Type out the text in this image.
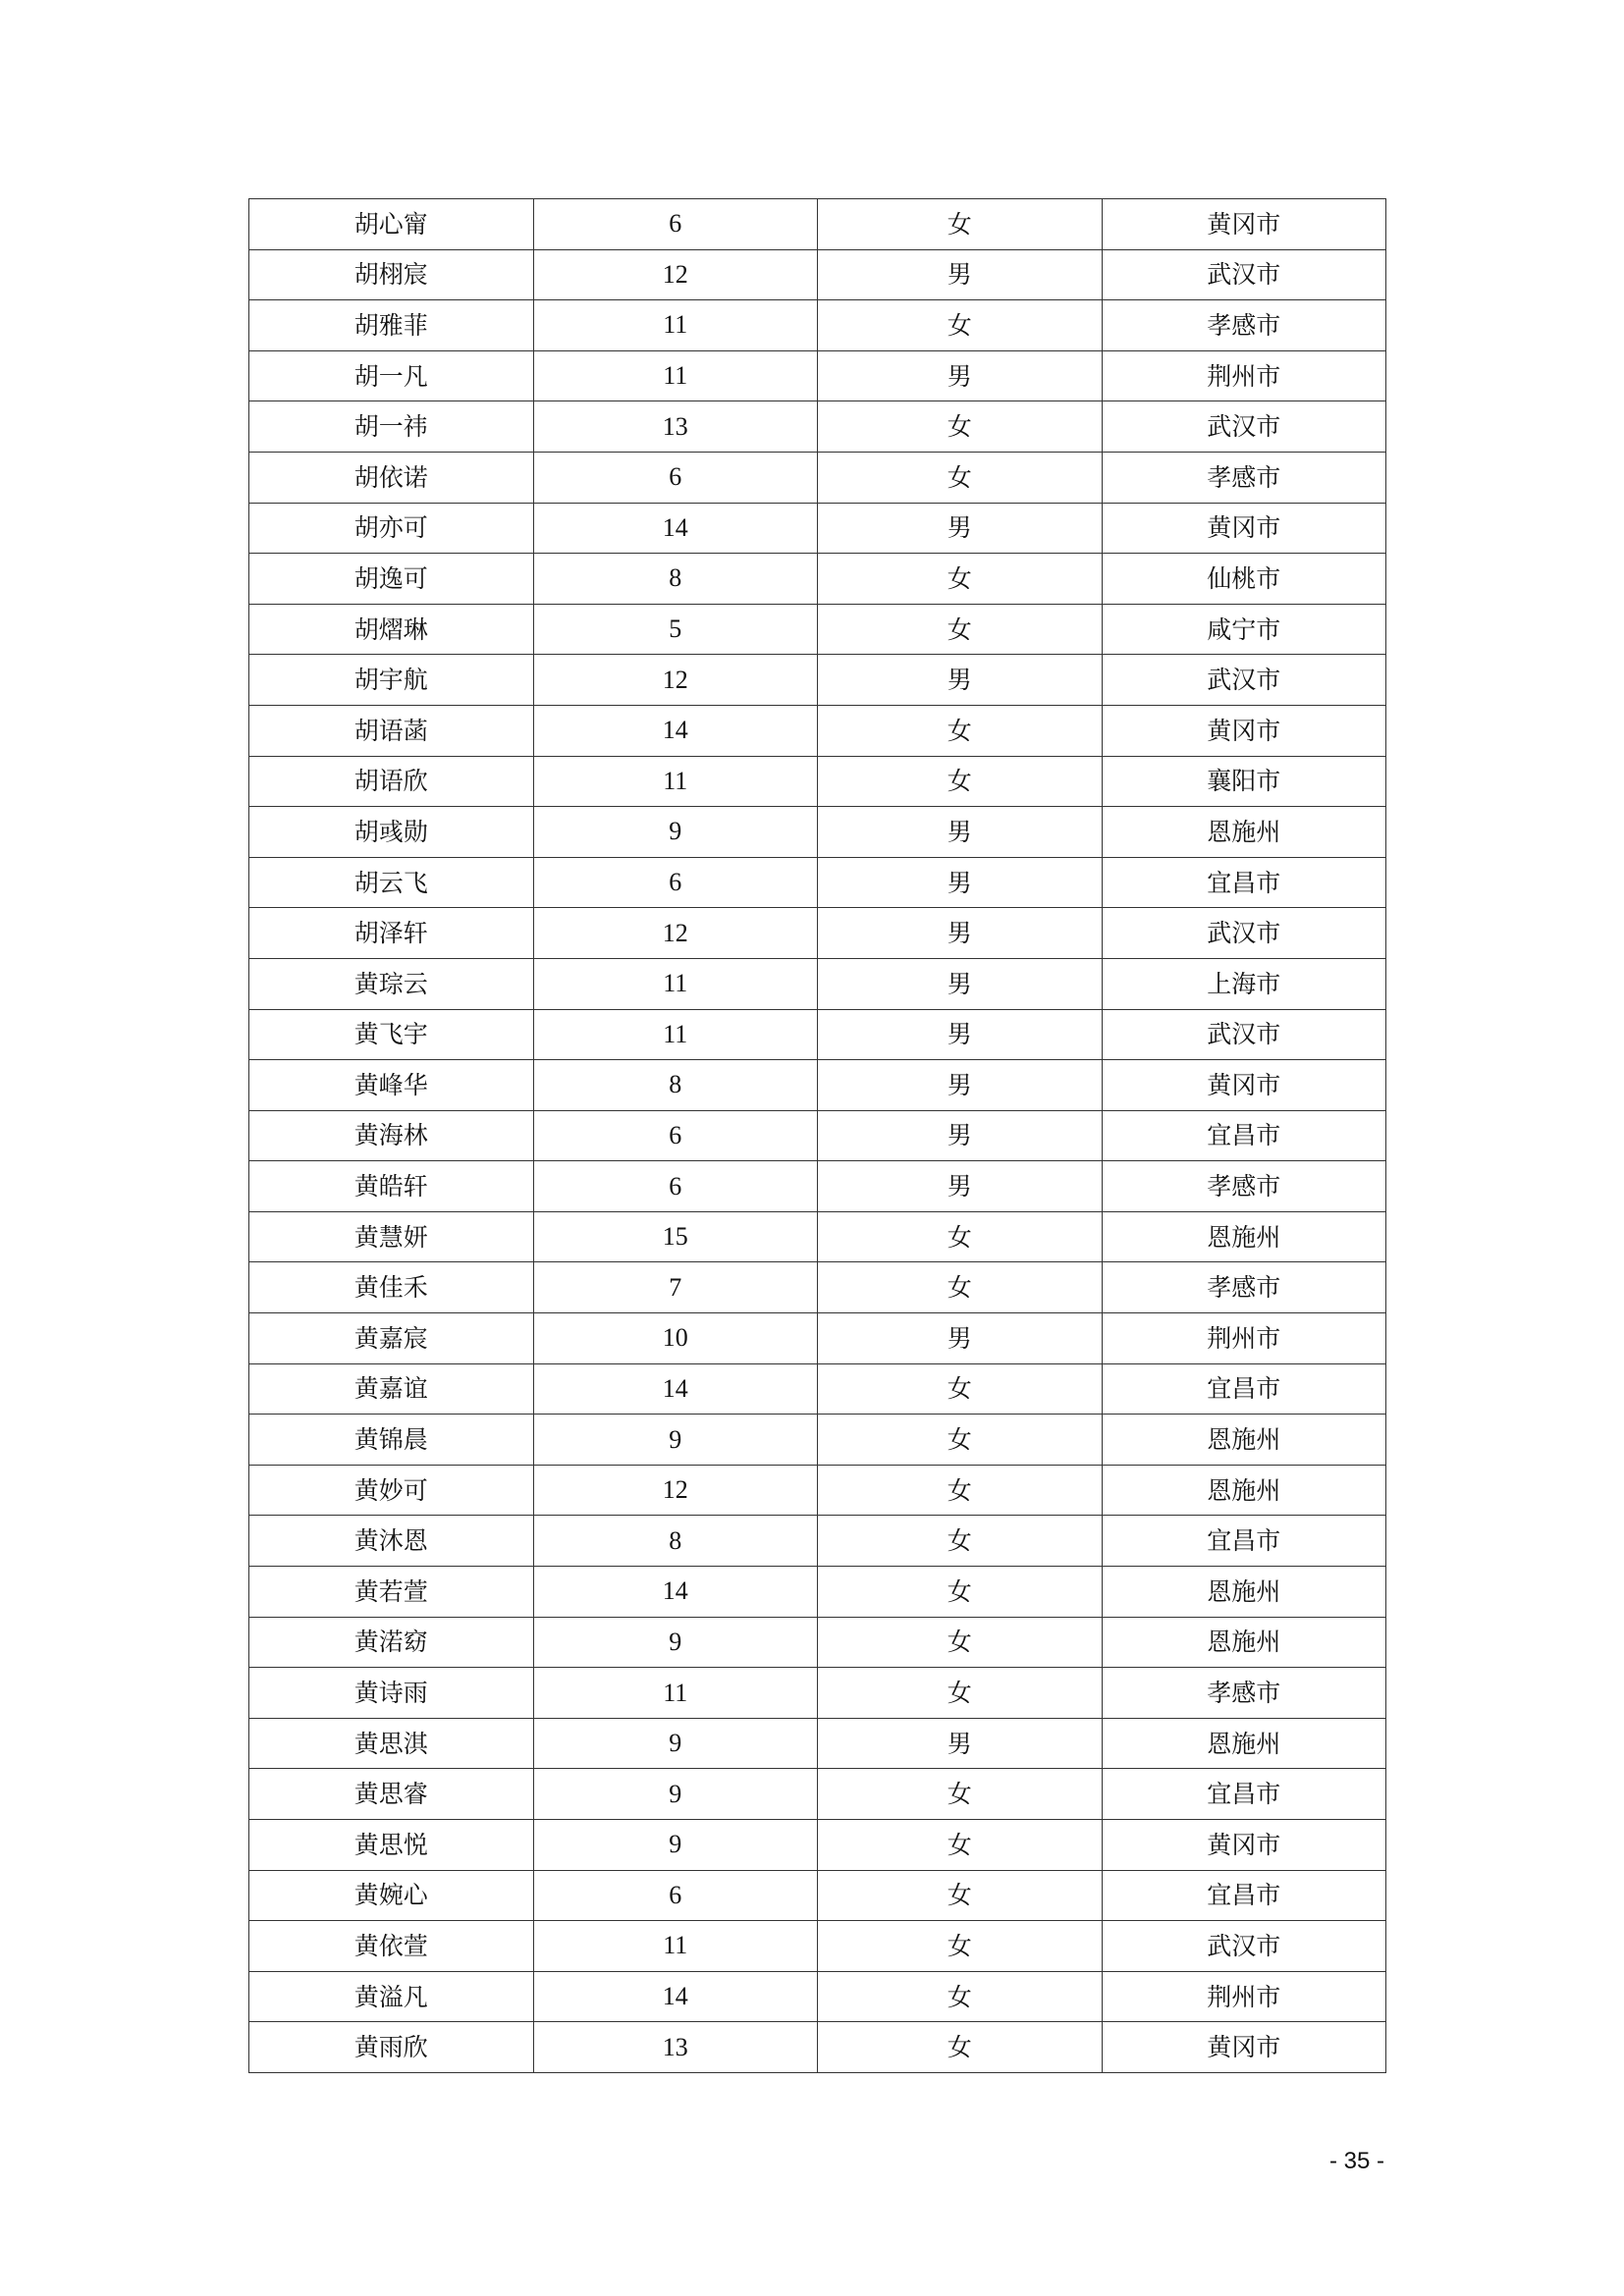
胡心甯	6	女	黄冈市
胡栩宸	12	男	武汉市
胡雅菲	11	女	孝感市
胡一凡	11	男	荆州市
胡一祎	13	女	武汉市
胡依诺	6	女	孝感市
胡亦可	14	男	黄冈市
胡逸可	8	女	仙桃市
胡熠琳	5	女	咸宁市
胡宇航	12	男	武汉市
胡语菡	14	女	黄冈市
胡语欣	11	女	襄阳市
胡彧勋	9	男	恩施州
胡云飞	6	男	宜昌市
胡泽轩	12	男	武汉市
黄琮云	11	男	上海市
黄飞宇	11	男	武汉市
黄峰华	8	男	黄冈市
黄海林	6	男	宜昌市
黄皓轩	6	男	孝感市
黄慧妍	15	女	恩施州
黄佳禾	7	女	孝感市
黄嘉宸	10	男	荆州市
黄嘉谊	14	女	宜昌市
黄锦晨	9	女	恩施州
黄妙可	12	女	恩施州
黄沐恩	8	女	宜昌市
黄若萱	14	女	恩施州
黄渃窈	9	女	恩施州
黄诗雨	11	女	孝感市
黄思淇	9	男	恩施州
黄思睿	9	女	宜昌市
黄思悦	9	女	黄冈市
黄婉心	6	女	宜昌市
黄依萱	11	女	武汉市
黄溢凡	14	女	荆州市
黄雨欣	13	女	黄冈市
- 35 -
